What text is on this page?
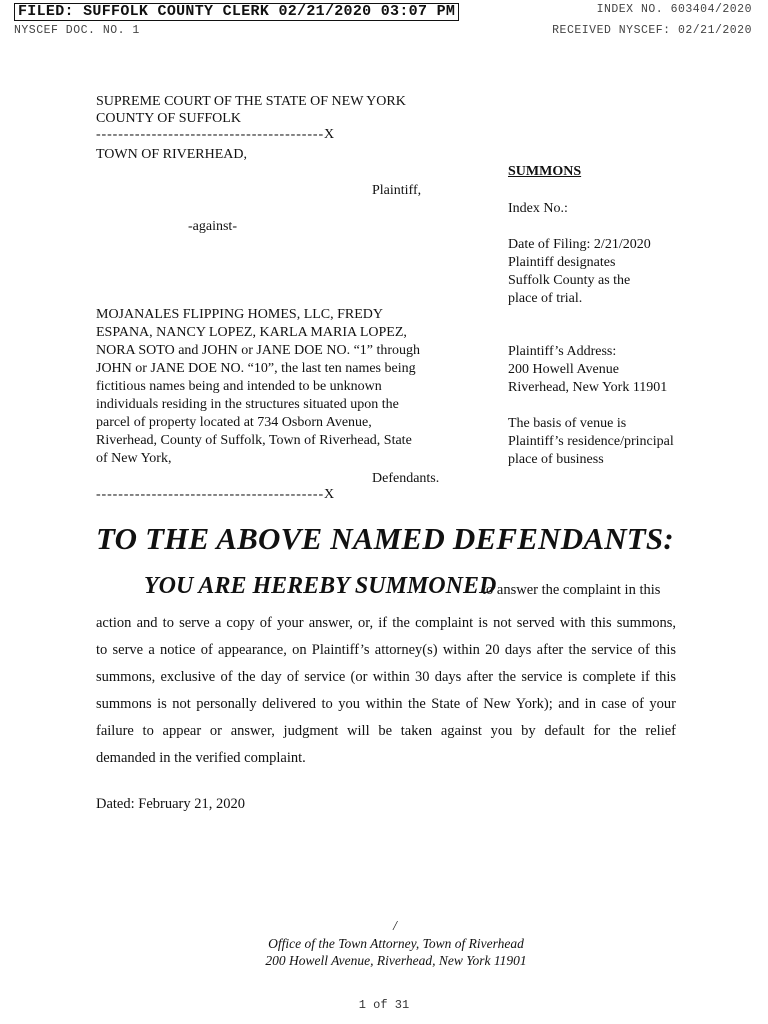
FILED: SUFFOLK COUNTY CLERK 02/21/2020 03:07 PM	INDEX NO. 603404/2020
NYSCEF DOC. NO. 1	RECEIVED NYSCEF: 02/21/2020
SUPREME COURT OF THE STATE OF NEW YORK
COUNTY OF SUFFOLK
-----------------------------------------X
TOWN OF RIVERHEAD,
Plaintiff,
-against-
MOJANALES FLIPPING HOMES, LLC, FREDY
ESPANA, NANCY LOPEZ, KARLA MARIA LOPEZ,
NORA SOTO and JOHN or JANE DOE NO. “1” through
JOHN or JANE DOE NO. “10”, the last ten names being
fictitious names being and intended to be unknown
individuals residing in the structures situated upon the
parcel of property located at 734 Osborn Avenue,
Riverhead, County of Suffolk, Town of Riverhead, State
of New York,
Defendants.
-----------------------------------------X
SUMMONS
Index No.:
Date of Filing: 2/21/2020
Plaintiff designates
Suffolk County as the
place of trial.
Plaintiff’s Address:
200 Howell Avenue
Riverhead, New York 11901
The basis of venue is
Plaintiff’s residence/principal
place of business
TO THE ABOVE NAMED DEFENDANTS:
YOU ARE HEREBY SUMMONED
to answer the complaint in this
action and to serve a copy of your answer, or, if the complaint is not served with this summons,
to serve a notice of appearance, on Plaintiff’s attorney(s) within 20 days after the service of this
summons, exclusive of the day of service (or within 30 days after the service is complete if this
summons is not personally delivered to you within the State of New York); and in case of your
failure to appear or answer, judgment will be taken against you by default for the relief
demanded in the verified complaint.
Dated: February 21, 2020
/
Office of the Town Attorney, Town of Riverhead
200 Howell Avenue, Riverhead, New York 11901
1 of 31
